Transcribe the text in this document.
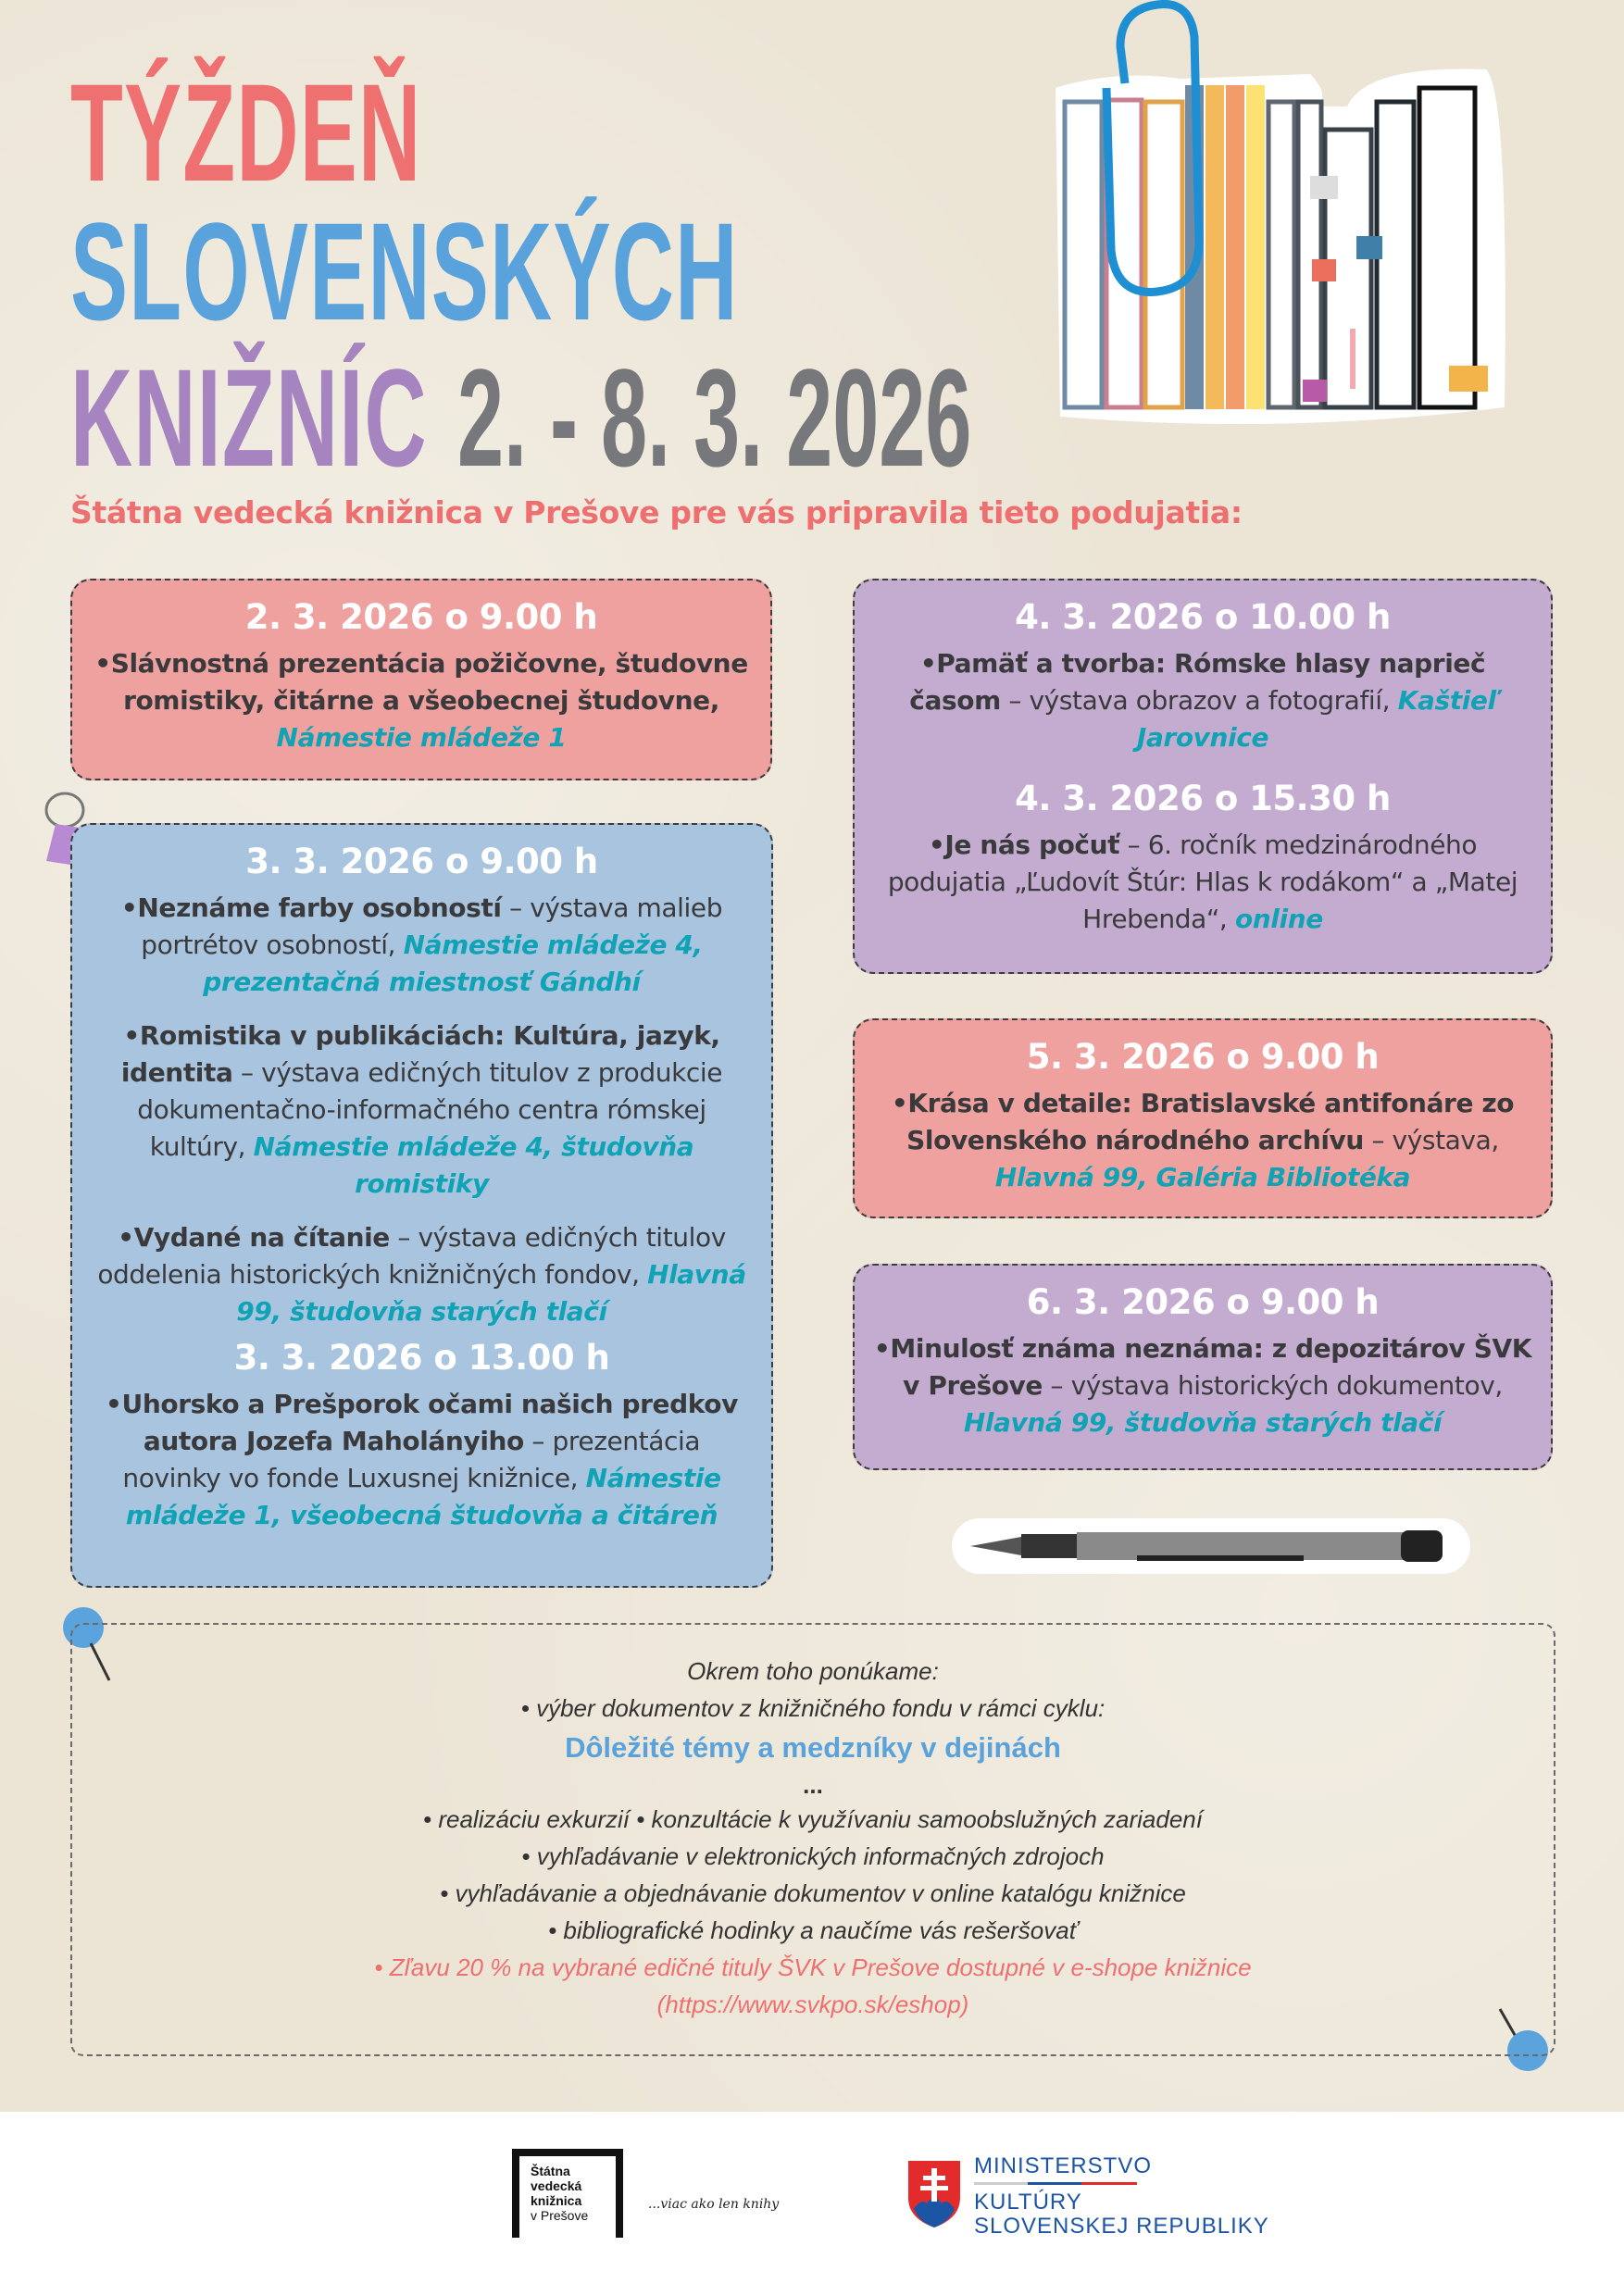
TÝŽDEŇ
SLOVENSKÝCH
KNIŽNÍC 2. - 8. 3. 2026
Štátna vedecká knižnica v Prešove pre vás pripravila tieto podujatia:
2. 3. 2026 o 9.00 h
•Slávnostná prezentácia požičovne, študovne romistiky, čitárne a všeobecnej študovne, Námestie mládeže 1
3. 3. 2026 o 9.00 h
•Neznáme farby osobností – výstava malieb portrétov osobností, Námestie mládeže 4, prezentačná miestnosť Gándhí
•Romistika v publikáciách: Kultúra, jazyk, identita – výstava edičných titulov z produkcie dokumentačno-informačného centra rómskej kultúry, Námestie mládeže 4, študovňa romistiky
•Vydané na čítanie – výstava edičných titulov oddelenia historických knižničných fondov, Hlavná 99, študovňa starých tlačí
3. 3. 2026 o 13.00 h
•Uhorsko a Prešporok očami našich predkov autora Jozefa Maholányiho – prezentácia novinky vo fonde Luxusnej knižnice, Námestie mládeže 1, všeobecná študovňa a čitáreň
4. 3. 2026 o 10.00 h
•Pamäť a tvorba: Rómske hlasy naprieč časom – výstava obrazov a fotografií, Kaštieľ Jarovnice
4. 3. 2026 o 15.30 h
•Je nás počuť – 6. ročník medzinárodného podujatia „Ľudovít Štúr: Hlas k rodákom“ a „Matej Hrebenda“, online
5. 3. 2026 o 9.00 h
•Krása v detaile: Bratislavské antifonáre zo Slovenského národného archívu – výstava, Hlavná 99, Galéria Bibliotéka
6. 3. 2026 o 9.00 h
•Minulosť známa neznáma: z depozitárov ŠVK v Prešove – výstava historických dokumentov, Hlavná 99, študovňa starých tlačí
Okrem toho ponúkame:
• výber dokumentov z knižničného fondu v rámci cyklu:
Dôležité témy a medzníky v dejinách
...
• realizáciu exkurzií • konzultácie k využívaniu samoobslužných zariadení
• vyhľadávanie v elektronických informačných zdrojoch
• vyhľadávanie a objednávanie dokumentov v online katalógu knižnice
• bibliografické hodinky a naučíme vás rešeršovať
• Zľavu 20 % na vybrané edičné tituly ŠVK v Prešove dostupné v e-shope knižnice
(https://www.svkpo.sk/eshop)
Štátna
vedecká
knižnica
v Prešove
...viac ako len knihy
MINISTERSTVO
KULTÚRY
SLOVENSKEJ REPUBLIKY
